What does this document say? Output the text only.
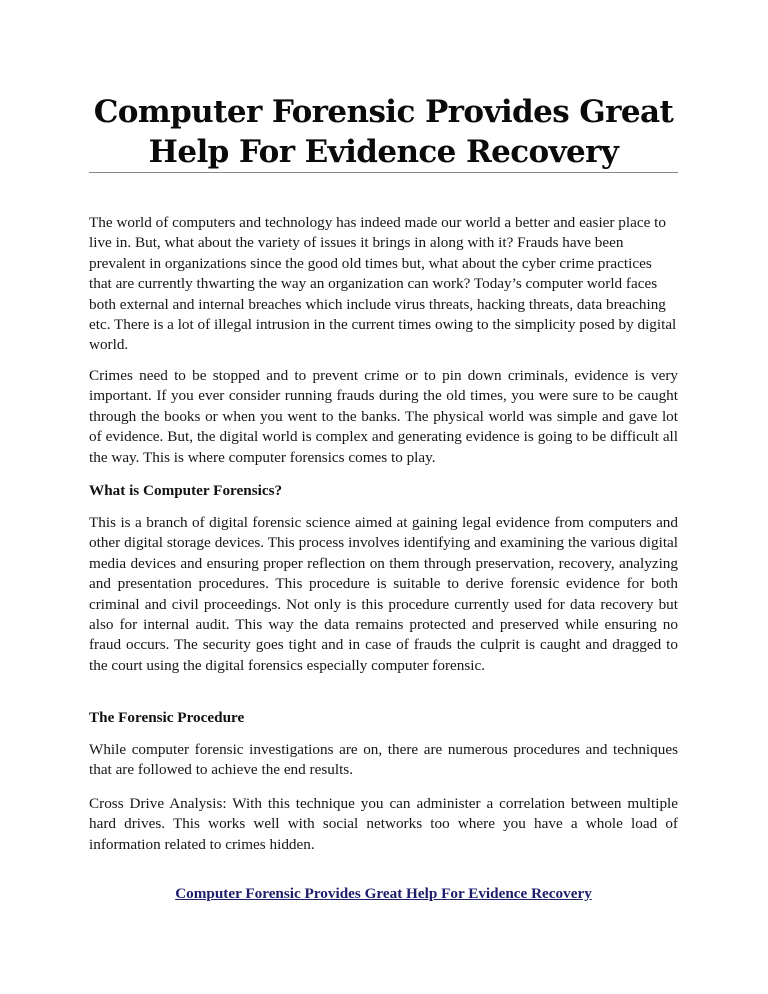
Computer Forensic Provides Great
Help For Evidence Recovery

The world of computers and technology has indeed made our world a better and easier place to live in. But, what about the variety of issues it brings in along with it? Frauds have been prevalent in organizations since the good old times but, what about the cyber crime practices that are currently thwarting the way an organization can work? Today’s computer world faces both external and internal breaches which include virus threats, hacking threats, data breaching etc. There is a lot of illegal intrusion in the current times owing to the simplicity posed by digital world.

Crimes need to be stopped and to prevent crime or to pin down criminals, evidence is very important. If you ever consider running frauds during the old times, you were sure to be caught through the books or when you went to the banks. The physical world was simple and gave lot of evidence. But, the digital world is complex and generating evidence is going to be difficult all the way. This is where computer forensics comes to play.

What is Computer Forensics?

This is a branch of digital forensic science aimed at gaining legal evidence from computers and other digital storage devices. This process involves identifying and examining the various digital media devices and ensuring proper reflection on them through preservation, recovery, analyzing and presentation procedures. This procedure is suitable to derive forensic evidence for both criminal and civil proceedings. Not only is this procedure currently used for data recovery but also for internal audit. This way the data remains protected and preserved while ensuring no fraud occurs. The security goes tight and in case of frauds the culprit is caught and dragged to the court using the digital forensics especially computer forensic.

The Forensic Procedure

While computer forensic investigations are on, there are numerous procedures and techniques that are followed to achieve the end results.

Cross Drive Analysis: With this technique you can administer a correlation between multiple hard drives. This works well with social networks too where you have a whole load of information related to crimes hidden.

Computer Forensic Provides Great Help For Evidence Recovery
